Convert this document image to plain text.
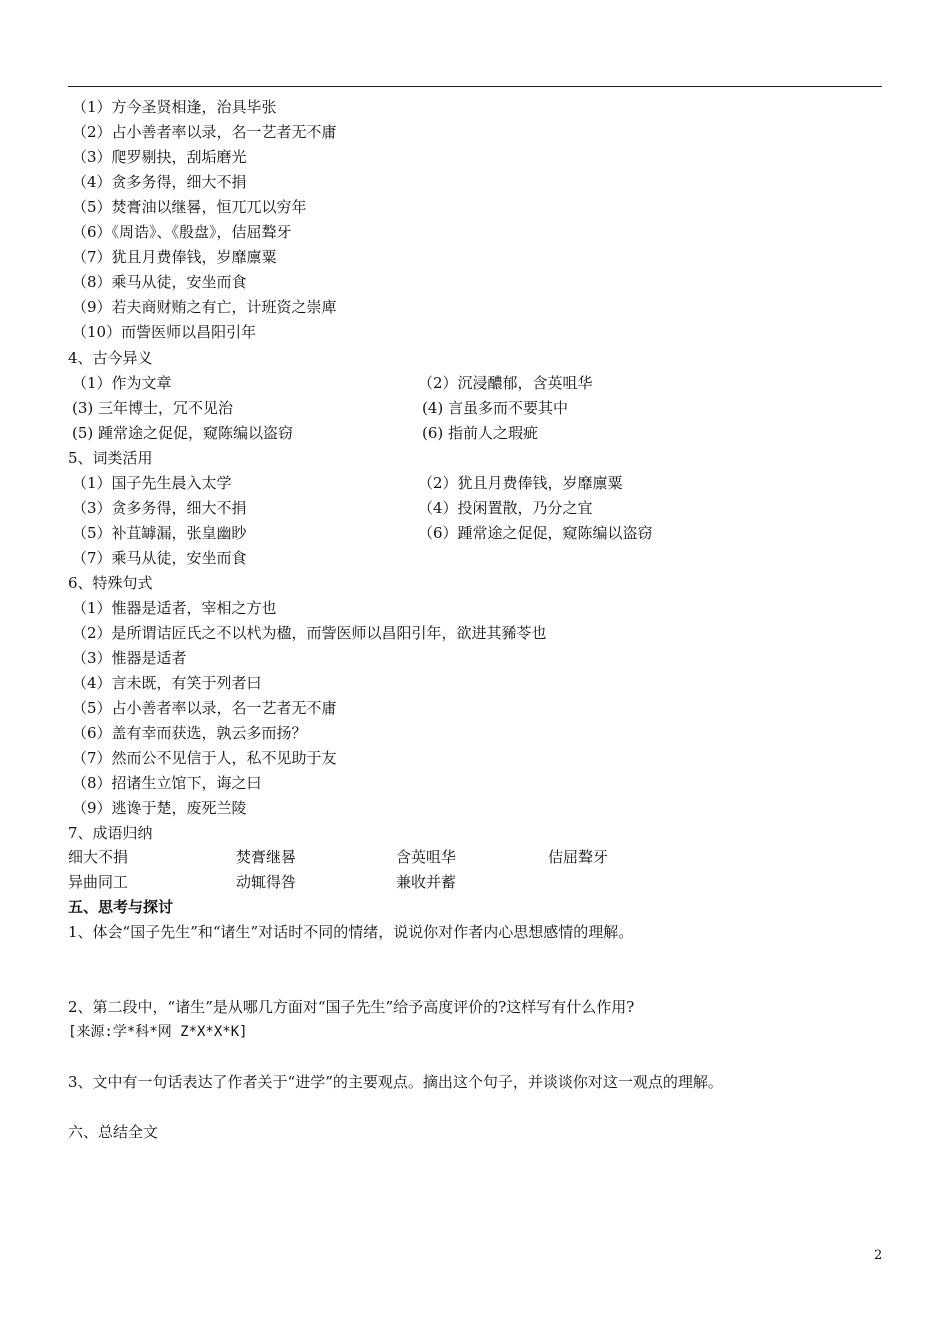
（1）方今圣贤相逢，治具毕张
（2）占小善者率以录，名一艺者无不庸
（3）爬罗剔抉，刮垢磨光
（4）贪多务得，细大不捐
（5）焚膏油以继晷，恒兀兀以穷年
（6）《周诰》、《殷盘》，佶屈聱牙
（7）犹且月费俸钱，岁靡廪粟
（8）乘马从徒，安坐而食
（9）若夫商财贿之有亡，计班资之崇庳
（10）而訾医师以昌阳引年
4、古今异义
（1）作为文章	（2）沉浸醲郁，含英咀华
(3) 三年博士，冗不见治	(4) 言虽多而不要其中
(5) 踵常途之促促，窥陈编以盗窃	(6) 指前人之瑕疵
5、词类活用
（1）国子先生晨入太学	（2）犹且月费俸钱，岁靡廪粟
（3）贪多务得，细大不捐	（4）投闲置散，乃分之宜
（5）补苴罅漏，张皇幽眇	（6）踵常途之促促，窥陈编以盗窃
（7）乘马从徒，安坐而食
6、特殊句式
（1）惟器是适者，宰相之方也
（2）是所谓诘匠氏之不以杙为楹，而訾医师以昌阳引年，欲进其豨苓也
（3）惟器是适者
（4）言未既，有笑于列者曰
（5）占小善者率以录，名一艺者无不庸
（6）盖有幸而获选，孰云多而扬？
（7）然而公不见信于人，私不见助于友
（8）招诸生立馆下，诲之曰
（9）逃谗于楚，废死兰陵
7、成语归纳
细大不捐	焚膏继晷	含英咀华	佶屈聱牙
异曲同工	动辄得咎	兼收并蓄
五、思考与探讨
1、体会“国子先生”和“诸生”对话时不同的情绪，说说你对作者内心思想感情的理解。
2、第二段中，“诸生”是从哪几方面对“国子先生”给予高度评价的?这样写有什么作用?
[来源:学*科*网 Z*X*X*K]
3、文中有一句话表达了作者关于“进学”的主要观点。摘出这个句子，并谈谈你对这一观点的理解。
六、总结全文
2
